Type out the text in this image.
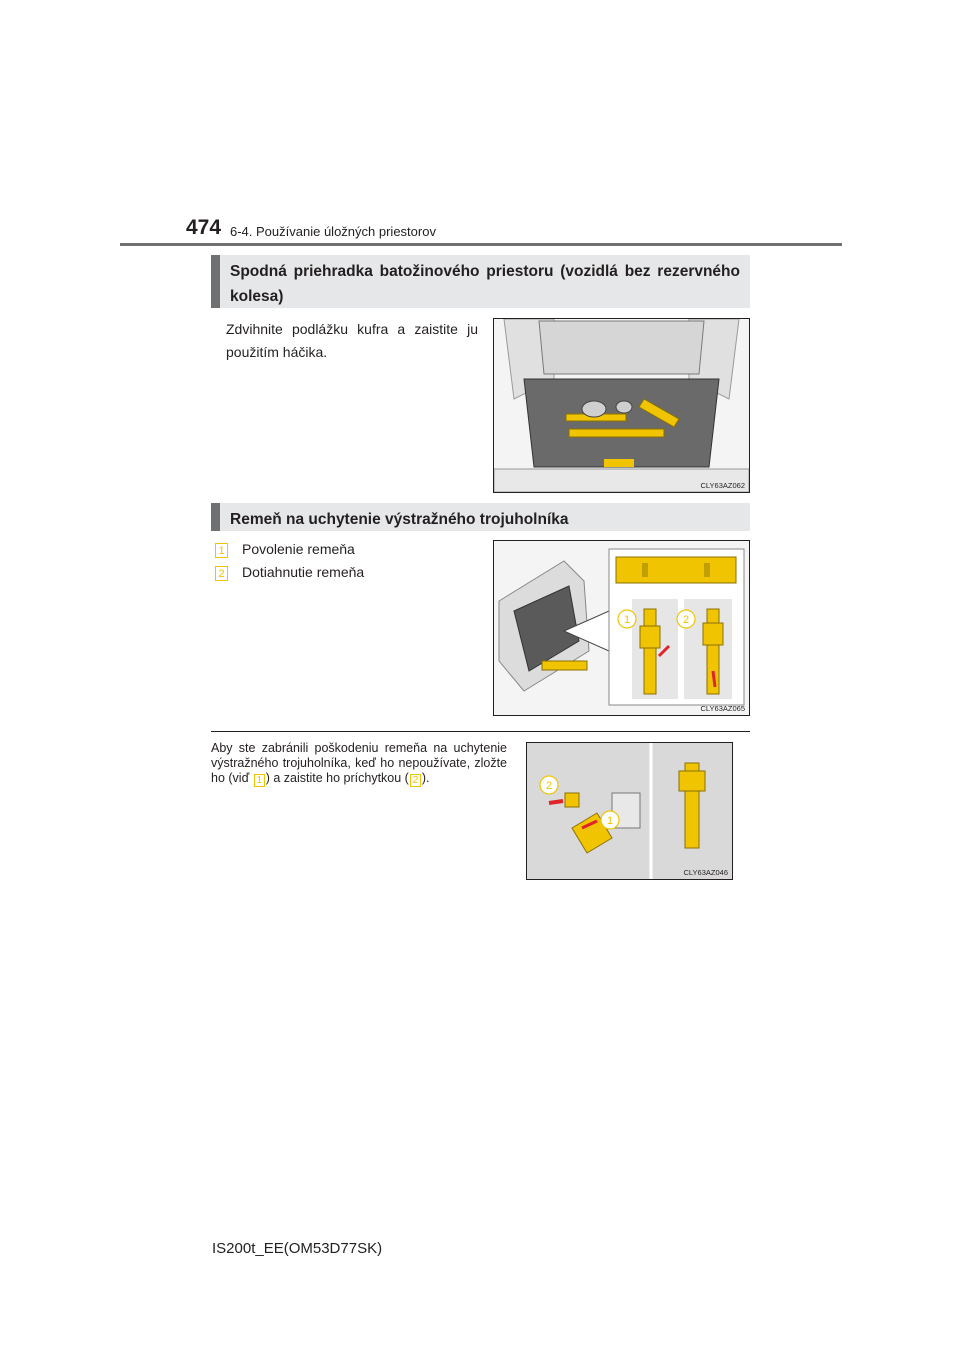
474 6-4. Používanie úložných priestorov
Spodná priehradka batožinového priestoru (vozidlá bez rezervného kolesa)
Zdvihnite podlážku kufra a zaistite ju použitím háčika.
CLY63AZ062
Remeň na uchytenie výstražného trojuholníka
1 Povolenie remeňa
2 Dotiahnutie remeňa
1	2
CLY63AZ065
Aby ste zabránili poškodeniu remeňa na uchytenie výstražného trojuholníka, keď ho nepoužívate, zložte ho (viď 1 ) a zaistite ho príchytkou ( 2 ).
2
1
CLY63AZ046
IS200t_EE(OM53D77SK)
